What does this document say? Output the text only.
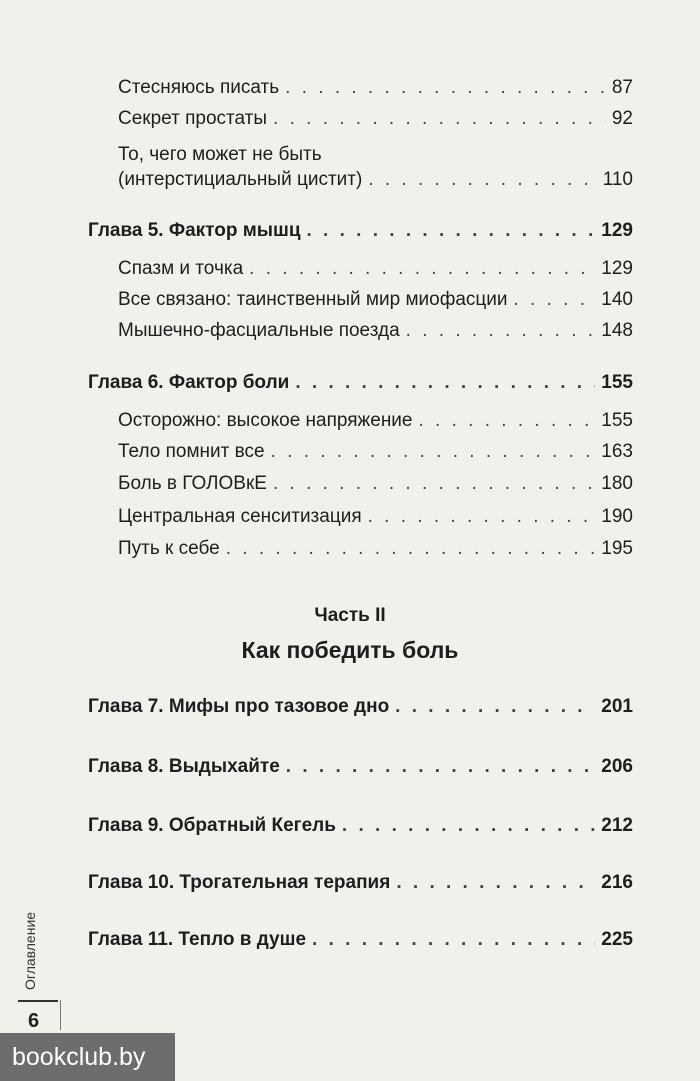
Стесняюсь писать . . .	87
Секрет простаты . . .	92
То, чего может не быть
(интерстициальный цистит) . . .	110
Глава 5. Фактор мышц . . .	129
Спазм и точка . . .	129
Все связано: таинственный мир миофасции . . .	140
Мышечно-фасциальные поезда . . .	148
Глава 6. Фактор боли . . .	155
Осторожно: высокое напряжение . . .	155
Тело помнит все . . .	163
Боль в ГОЛОВкЕ . . .	180
Центральная сенситизация . . .	190
Путь к себе . . .	195
Часть II
Как победить боль
Глава 7. Мифы про тазовое дно . . .	201
Глава 8. Выдыхайте . . .	206
Глава 9. Обратный Кегель . . .	212
Глава 10. Трогательная терапия . . .	216
Глава 11. Тепло в душе . . .	225
Оглавление
6
bookclub.by
